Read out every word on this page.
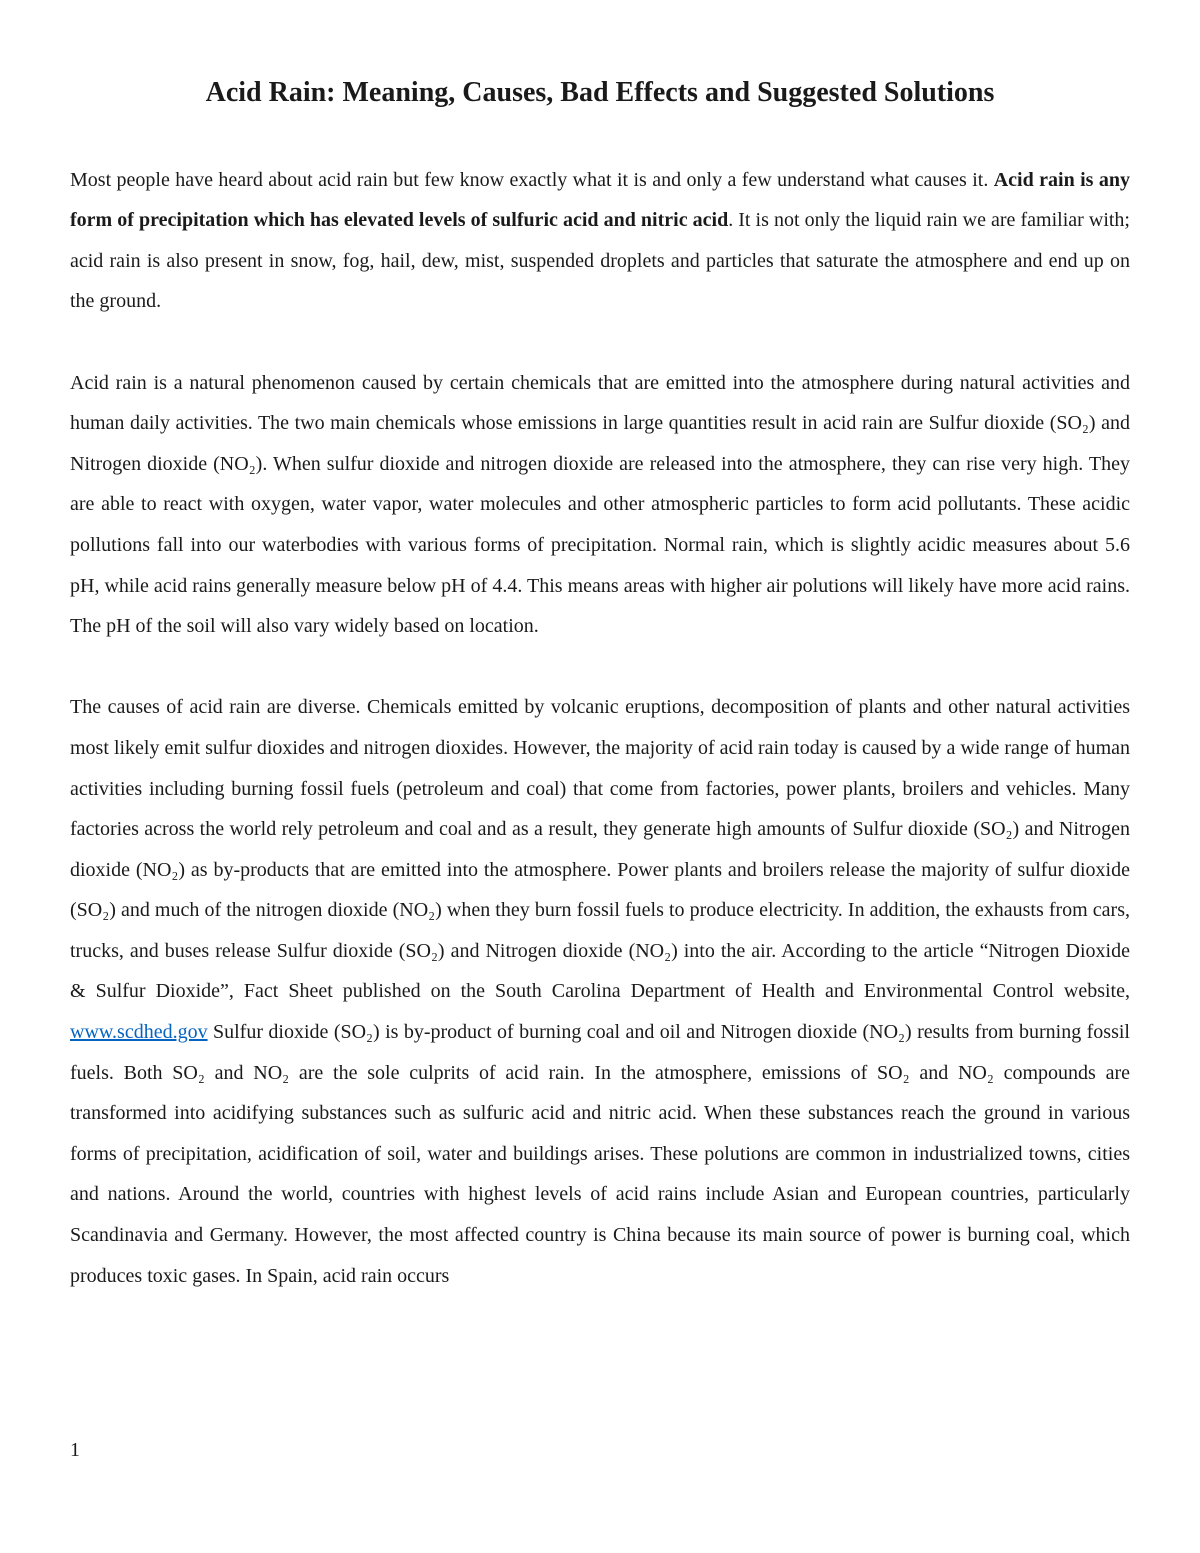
Acid Rain: Meaning, Causes, Bad Effects and Suggested Solutions

Most people have heard about acid rain but few know exactly what it is and only a few understand what causes it. Acid rain is any form of precipitation which has elevated levels of sulfuric acid and nitric acid. It is not only the liquid rain we are familiar with; acid rain is also present in snow, fog, hail, dew, mist, suspended droplets and particles that saturate the atmosphere and end up on the ground.

Acid rain is a natural phenomenon caused by certain chemicals that are emitted into the atmosphere during natural activities and human daily activities. The two main chemicals whose emissions in large quantities result in acid rain are Sulfur dioxide (SO₂) and Nitrogen dioxide (NO₂). When sulfur dioxide and nitrogen dioxide are released into the atmosphere, they can rise very high. They are able to react with oxygen, water vapor, water molecules and other atmospheric particles to form acid pollutants. These acidic pollutions fall into our waterbodies with various forms of precipitation. Normal rain, which is slightly acidic measures about 5.6 pH, while acid rains generally measure below pH of 4.4. This means areas with higher air polutions will likely have more acid rains. The pH of the soil will also vary widely based on location.

The causes of acid rain are diverse. Chemicals emitted by volcanic eruptions, decomposition of plants and other natural activities most likely emit sulfur dioxides and nitrogen dioxides. However, the majority of acid rain today is caused by a wide range of human activities including burning fossil fuels (petroleum and coal) that come from factories, power plants, broilers and vehicles. Many factories across the world rely petroleum and coal and as a result, they generate high amounts of Sulfur dioxide (SO₂) and Nitrogen dioxide (NO₂) as by-products that are emitted into the atmosphere. Power plants and broilers release the majority of sulfur dioxide (SO₂) and much of the nitrogen dioxide (NO₂) when they burn fossil fuels to produce electricity. In addition, the exhausts from cars, trucks, and buses release Sulfur dioxide (SO₂) and Nitrogen dioxide (NO₂) into the air. According to the article “Nitrogen Dioxide & Sulfur Dioxide”, Fact Sheet published on the South Carolina Department of Health and Environmental Control website, www.scdhed.gov Sulfur dioxide (SO₂) is by-product of burning coal and oil and Nitrogen dioxide (NO₂) results from burning fossil fuels. Both SO₂ and NO₂ are the sole culprits of acid rain. In the atmosphere, emissions of SO₂ and NO₂ compounds are transformed into acidifying substances such as sulfuric acid and nitric acid. When these substances reach the ground in various forms of precipitation, acidification of soil, water and buildings arises. These polutions are common in industrialized towns, cities and nations. Around the world, countries with highest levels of acid rains include Asian and European countries, particularly Scandinavia and Germany. However, the most affected country is China because its main source of power is burning coal, which produces toxic gases. In Spain, acid rain occurs

1
